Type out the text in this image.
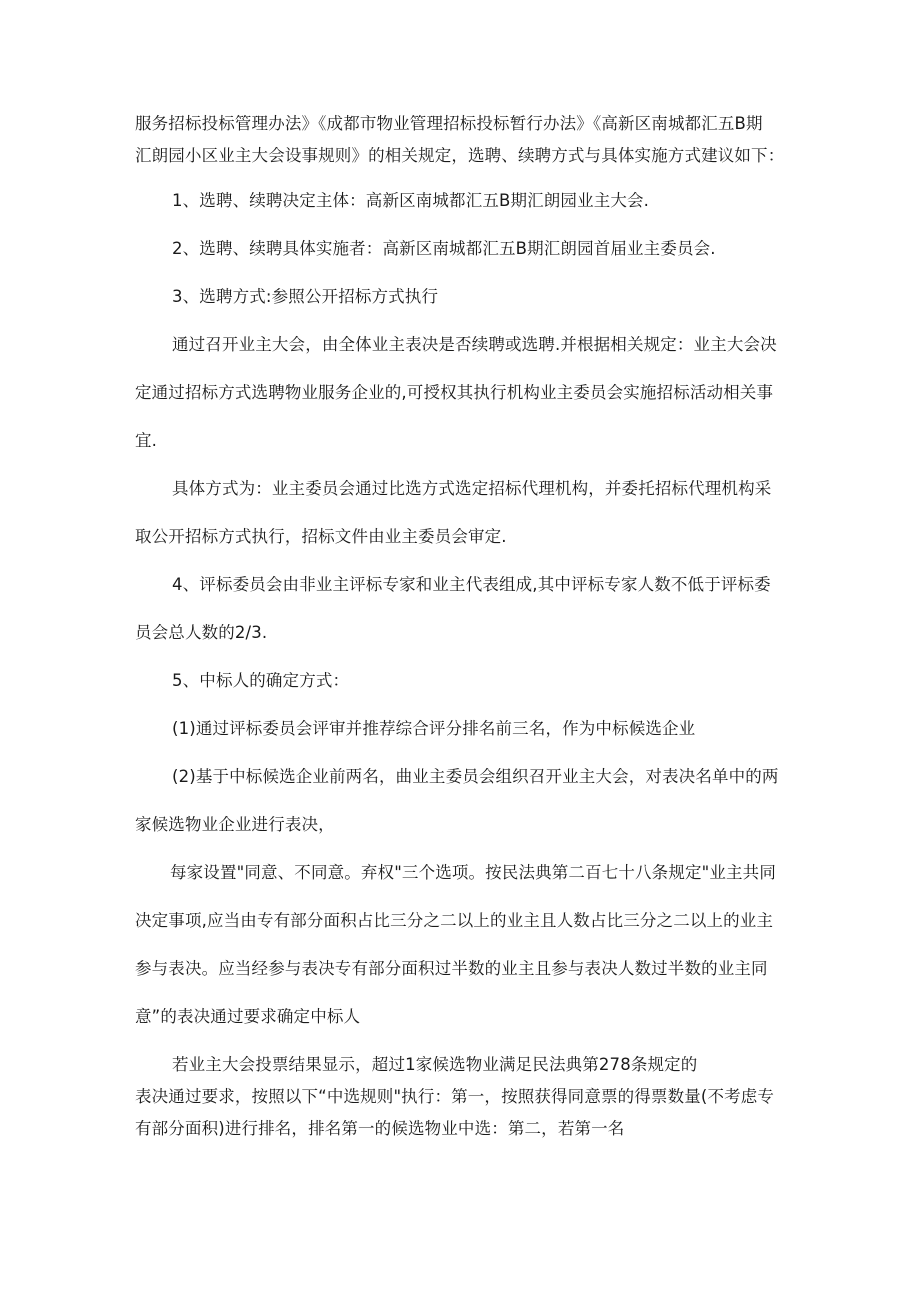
服务招标投标管理办法》《成都市物业管理招标投标暂行办法》《高新区南城都汇五B期
汇朗园小区业主大会设事规则》的相关规定，选聘、续聘方式与具体实施方式建议如下：
1、选聘、续聘决定主体：高新区南城都汇五B期汇朗园业主大会.
2、选聘、续聘具体实施者：高新区南城都汇五B期汇朗园首届业主委员会.
3、选聘方式:参照公开招标方式执行
通过召开业主大会，由全体业主表决是否续聘或选聘.并根据相关规定：业主大会决
定通过招标方式选聘物业服务企业的,可授权其执行机构业主委员会实施招标活动相关事
宜.
具体方式为：业主委员会通过比选方式选定招标代理机构，并委托招标代理机构采
取公开招标方式执行，招标文件由业主委员会审定.
4、评标委员会由非业主评标专家和业主代表组成,其中评标专家人数不低于评标委
员会总人数的2/3.
5、中标人的确定方式：
(1)通过评标委员会评审并推荐综合评分排名前三名，作为中标候选企业
(2)基于中标候选企业前两名，曲业主委员会组织召开业主大会，对表决名单中的两
家候选物业企业进行表决，
每家设置"同意、不同意。弃权"三个选项。按民法典第二百七十八条规定"业主共同
决定事项,应当由专有部分面积占比三分之二以上的业主且人数占比三分之二以上的业主
参与表决。应当经参与表决专有部分面积过半数的业主且参与表决人数过半数的业主同
意”的表决通过要求确定中标人
若业主大会投票结果显示，超过1家候选物业满足民法典第278条规定的
表决通过要求，按照以下“中选规则"执行：第一，按照获得同意票的得票数量(不考虑专
有部分面积)进行排名，排名第一的候选物业中选：第二，若第一名
